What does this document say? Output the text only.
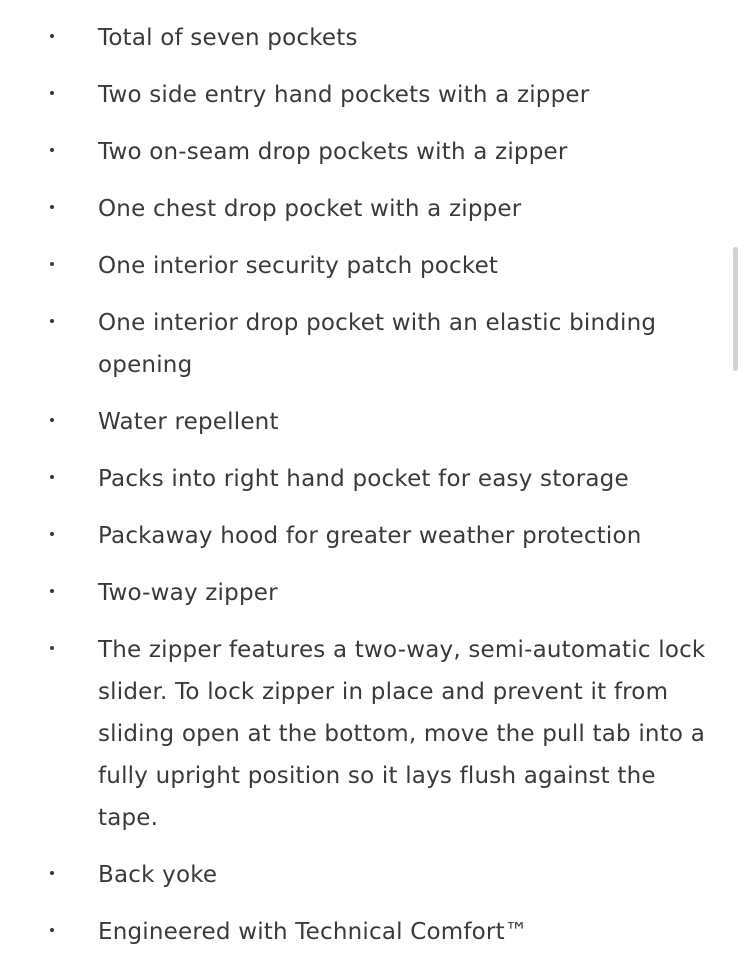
Total of seven pockets
Two side entry hand pockets with a zipper
Two on-seam drop pockets with a zipper
One chest drop pocket with a zipper
One interior security patch pocket
One interior drop pocket with an elastic binding opening
Water repellent
Packs into right hand pocket for easy storage
Packaway hood for greater weather protection
Two-way zipper
The zipper features a two-way, semi-automatic lock slider. To lock zipper in place and prevent it from sliding open at the bottom, move the pull tab into a fully upright position so it lays flush against the tape.
Back yoke
Engineered with Technical Comfort™
